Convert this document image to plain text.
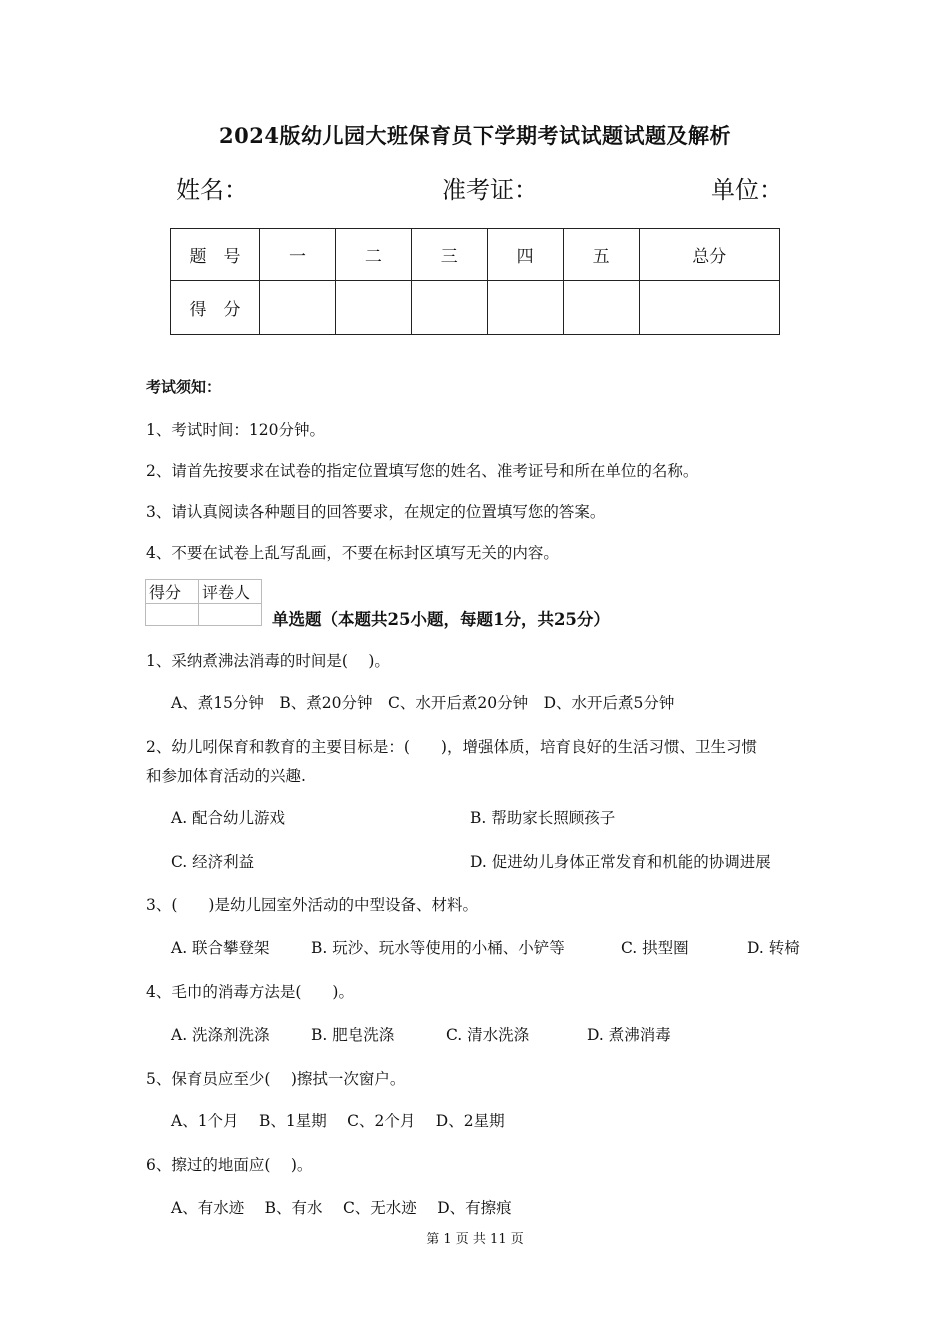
2024版幼儿园大班保育员下学期考试试题试题及解析
姓名：	准考证：	单位：
题　号	一	二	三	四	五	总分
得　分						
考试须知：
1、考试时间：120分钟。
2、请首先按要求在试卷的指定位置填写您的姓名、准考证号和所在单位的名称。
3、请认真阅读各种题目的回答要求，在规定的位置填写您的答案。
4、不要在试卷上乱写乱画，不要在标封区填写无关的内容。
得分	评卷人

单选题（本题共25小题，每题1分，共25分）
1、采纳煮沸法消毒的时间是(　 )。
A、煮15分钟　B、煮20分钟　C、水开后煮20分钟　D、水开后煮5分钟
2、幼儿吲保育和教育的主要目标是：(　　)，增强体质，培育良好的生活习惯、卫生习惯
和参加体育活动的兴趣.
A. 配合幼儿游戏	B. 帮助家长照顾孩子
C. 经济利益	D. 促进幼儿身体正常发育和机能的协调进展
3、(　　)是幼儿园室外活动的中型设备、材料。
A. 联合攀登架	B. 玩沙、玩水等使用的小桶、小铲等	C. 拱型圈	D. 转椅
4、毛巾的消毒方法是(　　)。
A. 洗涤剂洗涤	B. 肥皂洗涤	C. 清水洗涤	D. 煮沸消毒
5、保育员应至少(　 )擦拭一次窗户。
A、1个月　 B、1星期　 C、2个月　 D、2星期
6、擦过的地面应(　 )。
A、有水迹　 B、有水　 C、无水迹　 D、有擦痕
第 1 页 共 11 页
